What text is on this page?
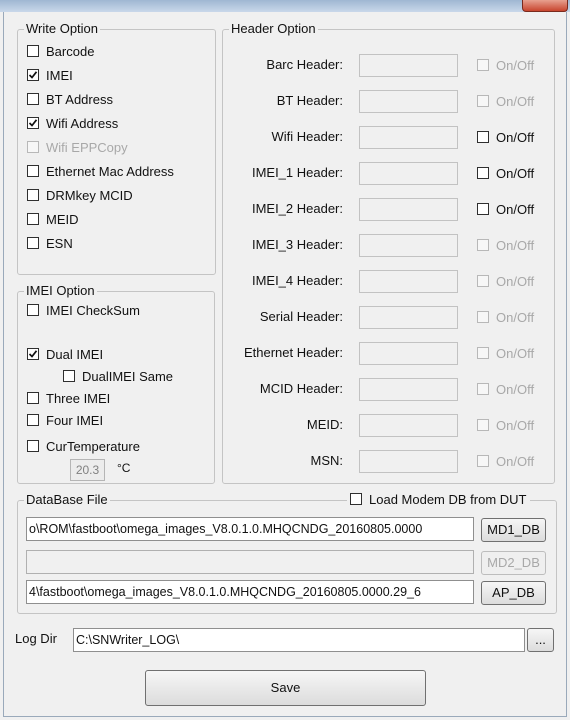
Write Option
Barcode
IMEI
BT Address
Wifi Address
Wifi EPPCopy
Ethernet Mac Address
DRMkey MCID
MEID
ESN
IMEI Option
IMEI CheckSum
Dual IMEI
DualIMEI Same
Three IMEI
Four IMEI
CurTemperature
20.3	°C
Header Option
Barc Header:	On/Off
BT Header:	On/Off
Wifi Header:	On/Off
IMEI_1 Header:	On/Off
IMEI_2 Header:	On/Off
IMEI_3 Header:	On/Off
IMEI_4 Header:	On/Off
Serial Header:	On/Off
Ethernet Header:	On/Off
MCID Header:	On/Off
MEID:	On/Off
MSN:	On/Off
DataBase File	Load Modem DB from DUT
o\ROM\fastboot\omega_images_V8.0.1.0.MHQCNDG_20160805.0000	MD1_DB
MD2_DB
4\fastboot\omega_images_V8.0.1.0.MHQCNDG_20160805.0000.29_6	AP_DB
Log Dir C:\SNWriter_LOG\	...
Save
